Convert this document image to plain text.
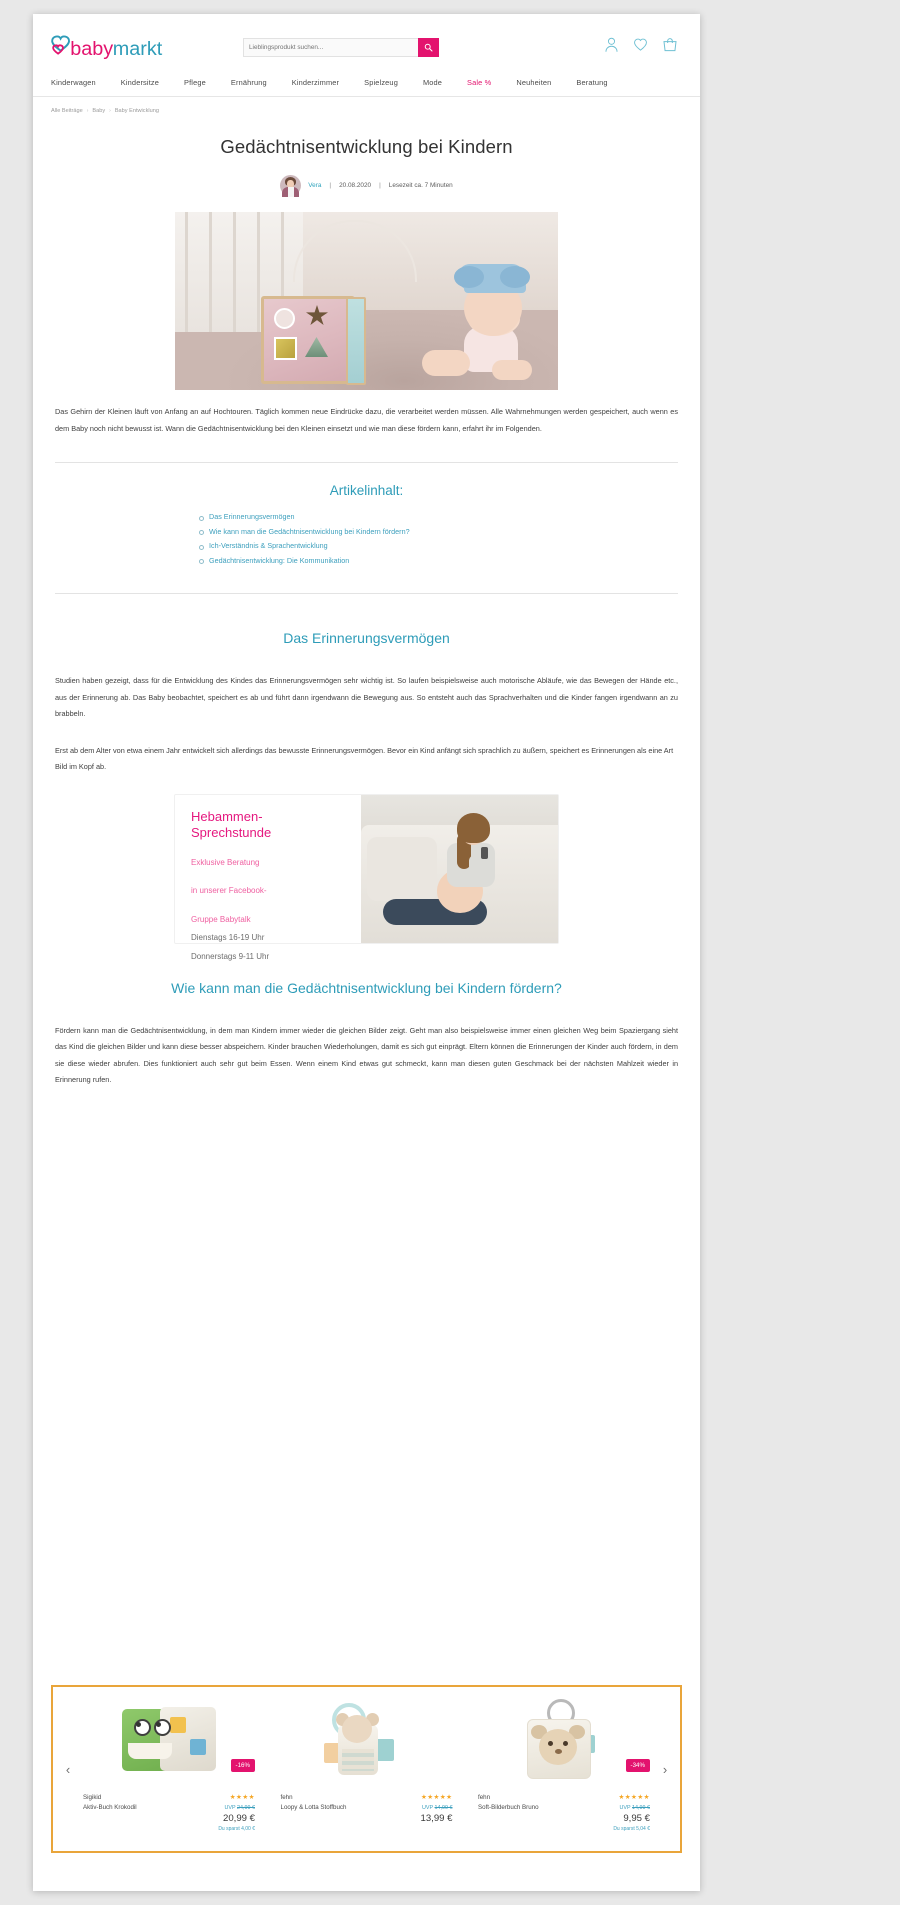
baby markt
Lieblingsprodukt suchen...
Kinderwagen	Kindersitze	Pflege	Ernährung	Kinderzimmer	Spielzeug	Mode	Sale %	Neuheiten	Beratung
Alle Beiträge › Baby › Baby Entwicklung
Gedächtnisentwicklung bei Kindern
Vera | 20.08.2020 | Lesezeit ca. 7 Minuten

Das Gehirn der Kleinen läuft von Anfang an auf Hochtouren. Täglich kommen neue Eindrücke dazu, die verarbeitet werden müssen. Alle Wahrnehmungen werden gespeichert, auch wenn es dem Baby noch nicht bewusst ist. Wann die Gedächtnisentwicklung bei den Kleinen einsetzt und wie man diese fördern kann, erfahrt ihr im Folgenden.

Artikelinhalt:
Das Erinnerungsvermögen
Wie kann man die Gedächtnisentwicklung bei Kindern fördern?
Ich-Verständnis & Sprachentwicklung
Gedächtnisentwicklung: Die Kommunikation
Das Erinnerungsvermögen

Studien haben gezeigt, dass für die Entwicklung des Kindes das Erinnerungsvermögen sehr wichtig ist. So laufen beispielsweise auch motorische Abläufe, wie das Bewegen der Hände etc., aus der Erinnerung ab. Das Baby beobachtet, speichert es ab und führt dann irgendwann die Bewegung aus. So entsteht auch das Sprachverhalten und die Kinder fangen irgendwann an zu brabbeln.

Erst ab dem Alter von etwa einem Jahr entwickelt sich allerdings das bewusste Erinnerungsvermögen. Bevor ein Kind anfängt sich sprachlich zu äußern, speichert es Erinnerungen als eine Art Bild im Kopf ab.

Hebammen-
Sprechstunde
Exklusive Beratung
in unserer Facebook-
Gruppe Babytalk
Dienstags 16-19 Uhr
Donnerstags 9-11 Uhr
Wie kann man die Gedächtnisentwicklung bei Kindern fördern?

Fördern kann man die Gedächtnisentwicklung, in dem man Kindern immer wieder die gleichen Bilder zeigt. Geht man also beispielsweise immer einen gleichen Weg beim Spaziergang sieht das Kind die gleichen Bilder und kann diese besser abspeichern. Kinder brauchen Wiederholungen, damit es sich gut einprägt. Eltern können die Erinnerungen der Kinder auch fördern, in dem sie diese wieder abrufen. Dies funktioniert auch sehr gut beim Essen. Wenn einem Kind etwas gut schmeckt, kann man diesen guten Geschmack bei der nächsten Mahlzeit wieder in Erinnerung rufen.

‹	-16%
Sigikid
Aktiv-Buch Krokodil
★★★★
UVP 24,99 €
20,99 €
Du sparst 4,00 €
fehn
Loopy & Lotta Stoffbuch
★★★★★
UVP 14,99 €
13,99 €
-34%
fehn
Soft-Bilderbuch Bruno
★★★★★
UVP 14,99 €
9,95 €
Du sparst 5,04 €
›
